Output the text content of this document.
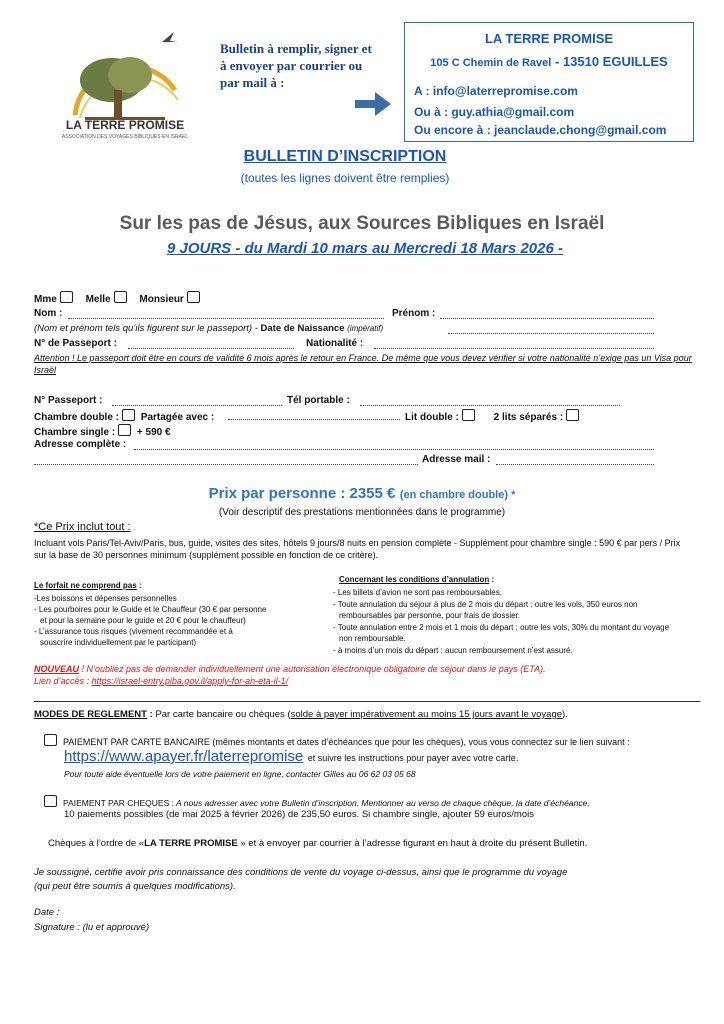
LA TERRE PROMISE
ASSOCIATION DES VOYAGES BIBLIQUES EN ISRAEL
Bulletin à remplir, signer et
à envoyer par courrier ou
par mail à :
LA TERRE PROMISE
105 C Chemin de Ravel - 13510 EGUILLES
A : info@laterrepromise.com
Ou à : guy.athia@gmail.com
Ou encore à : jeanclaude.chong@gmail.com
BULLETIN D’INSCRIPTION
(toutes les lignes doivent être remplies)
Sur les pas de Jésus, aux Sources Bibliques en Israël
9 JOURS - du Mardi 10 mars au Mercredi 18 Mars 2026 -
Mme	Melle	Monsieur
Nom :	Prénom :
(Nom et prénom tels qu’ils figurent sur le passeport) - Date de Naissance (impératif)
N° de Passeport :	Nationalité :
Attention ! Le passeport doit être en cours de validité 6 mois après le retour en France. De même que vous devez vérifier si votre nationalité n’exige pas un Visa pour Israël
N° Passeport :	Tél portable :
Chambre double : Partagée avec :	Lit double :	2 lits séparés :
Chambre single : + 590 €
Adresse complète :
Adresse mail :
Prix par personne : 2355 € (en chambre double) *
(Voir descriptif des prestations mentionnées dans le programme)
*Ce Prix inclut tout :
Incluant vols Paris/Tel-Aviv/Paris, bus, guide, visites des sites, hôtels 9 jours/8 nuits en pension complète - Supplément pour chambre single : 590 € par pers / Prix sur la base de 30 personnes minimum (supplément possible en fonction de ce critère).
Le forfait ne comprend pas :
-Les boissons et dépenses personnelles
- Les pourboires pour le Guide et le Chauffeur (30 € par personne
et pour la semaine pour le guide et 20 € pour le chauffeur)
- L’assurance tous risques (vivement recommandée et à
souscrire individuellement par le participant)
Concernant les conditions d’annulation :
- Les billets d’avion ne sont pas remboursables.
- Toute annulation du séjour à plus de 2 mois du départ : outre les vols, 350 euros non
remboursables par personne, pour frais de dossier.
- Toute annulation entre 2 mois et 1 mois du départ : outre les vols, 30% du montant du voyage
non remboursable.
- à moins d’un mois du départ : aucun remboursement n’est assuré.
NOUVEAU ! N’oubliez pas de demander individuellement une autorisation électronique obligatoire de séjour dans le pays (ETA).
Lien d’accès : https://israel-entry.piba.gov.il/apply-for-an-eta-il-1/
MODES DE REGLEMENT : Par carte bancaire ou chèques (solde à payer impérativement au moins 15 jours avant le voyage).
PAIEMENT PAR CARTE BANCAIRE (mêmes montants et dates d’échéances que pour les chèques), vous vous connectez sur le lien suivant :
https://www.apayer.fr/laterrepromise et suivre les instructions pour payer avec votre carte.
Pour toute aide éventuelle lors de votre paiement en ligne, contacter Gilles au 06 62 03 05 68
PAIEMENT PAR CHEQUES : A nous adresser avec votre Bulletin d’inscription. Mentionner au verso de chaque chèque, la date d’échéance.
10 paiements possibles (de mai 2025 à février 2026) de 235,50 euros. Si chambre single, ajouter 59 euros/mois
Chèques à l’ordre de «LA TERRE PROMISE » et à envoyer par courrier à l’adresse figurant en haut à droite du présent Bulletin.
Je soussigné, certifie avoir pris connaissance des conditions de vente du voyage ci-dessus, ainsi que le programme du voyage
(qui peut être soumis à quelques modifications).
Date :
Signature : (lu et approuvé)
